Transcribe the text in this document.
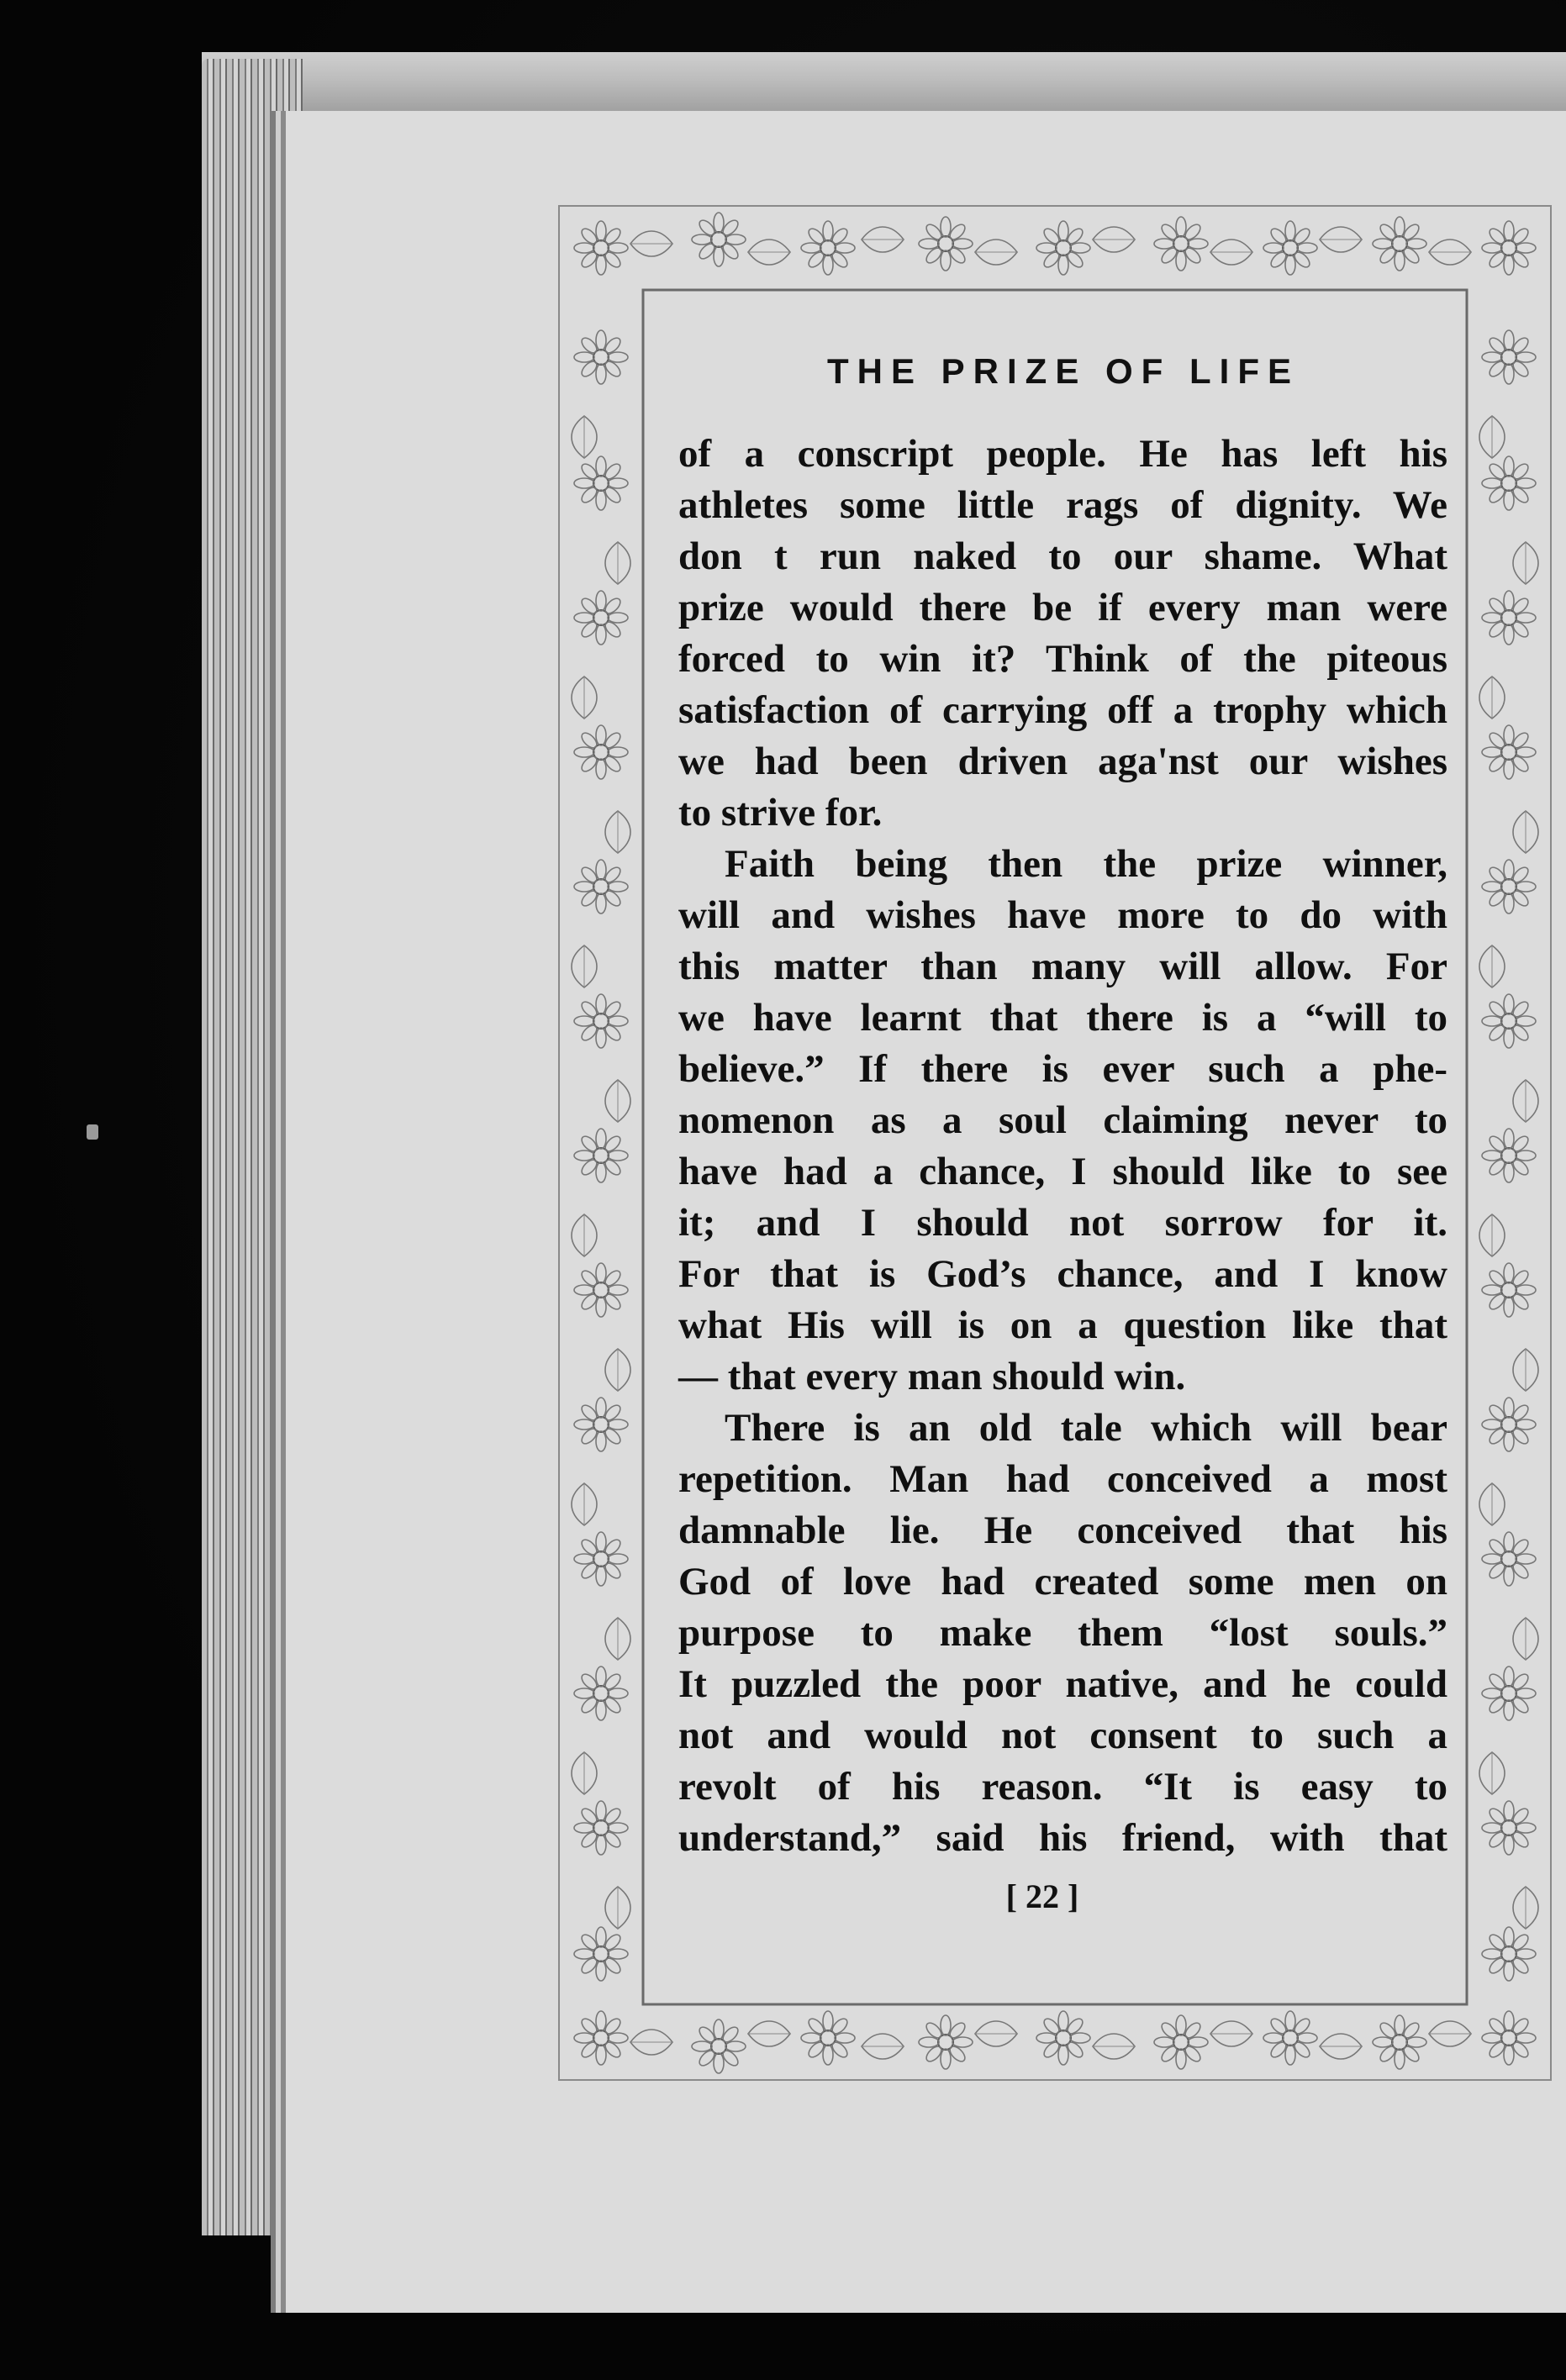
THE PRIZE OF LIFE
of a conscript people. He has left his
athletes some little rags of dignity. We
don t run naked to our shame. What
prize would there be if every man were
forced to win it? Think of the piteous
satisfaction of carrying off a trophy which
we had been driven aga'nst our wishes
to strive for.
Faith being then the prize winner,
will and wishes have more to do with
this matter than many will allow. For
we have learnt that there is a “will to
believe.” If there is ever such a phe-
nomenon as a soul claiming never to
have had a chance, I should like to see
it; and I should not sorrow for it.
For that is God’s chance, and I know
what His will is on a question like that
— that every man should win.
There is an old tale which will bear
repetition. Man had conceived a most
damnable lie. He conceived that his
God of love had created some men on
purpose to make them “lost souls.”
It puzzled the poor native, and he could
not and would not consent to such a
revolt of his reason. “It is easy to
understand,” said his friend, with that
[ 22 ]
